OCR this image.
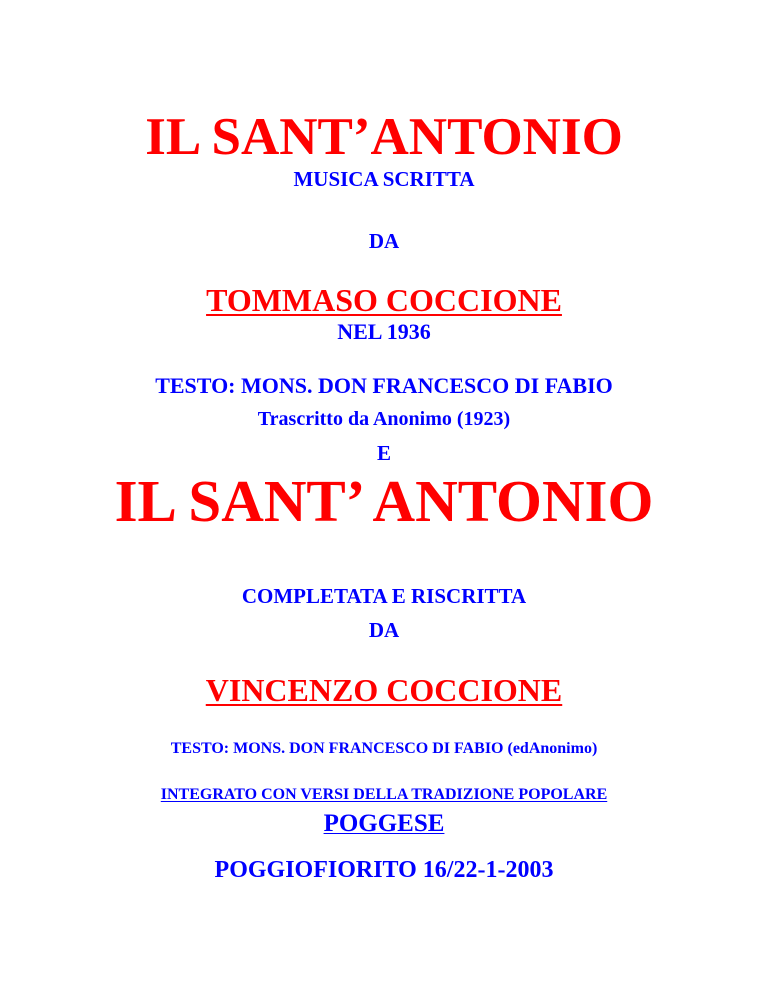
IL SANT’ANTONIO
MUSICA SCRITTA
DA
TOMMASO COCCIONE
NEL 1936
TESTO: MONS. DON FRANCESCO DI FABIO
Trascritto da Anonimo (1923)
E
IL SANT’ ANTONIO
COMPLETATA E RISCRITTA
DA
VINCENZO COCCIONE
TESTO: MONS. DON FRANCESCO DI FABIO (edAnonimo)
INTEGRATO CON VERSI DELLA TRADIZIONE POPOLARE
POGGESE
POGGIOFIORITO 16/22-1-2003
